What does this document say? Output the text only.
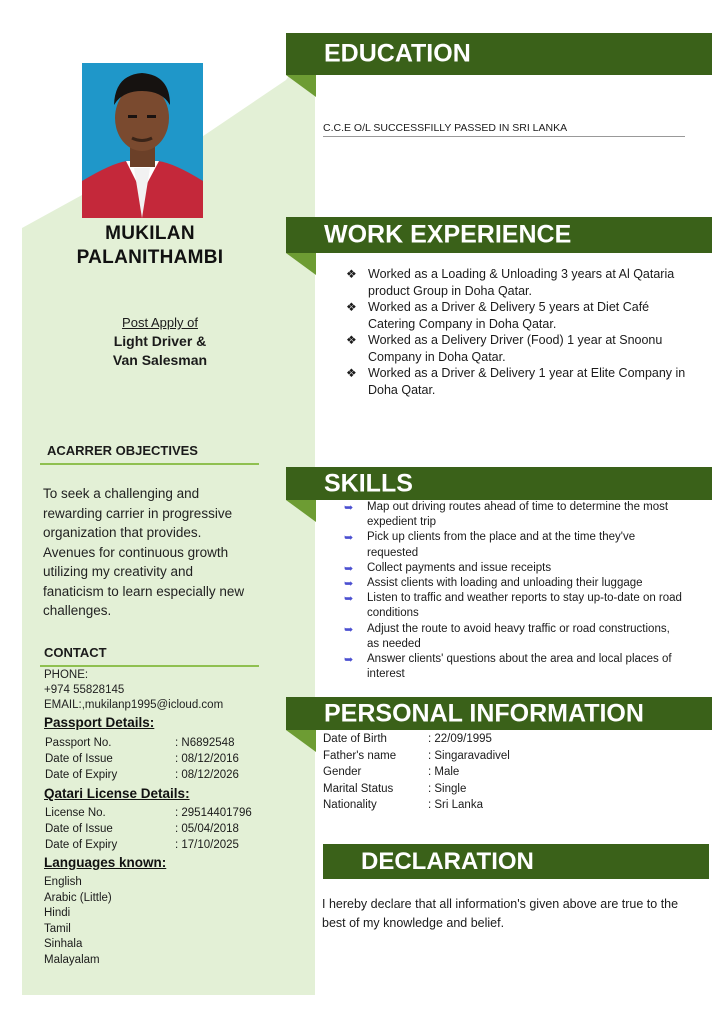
MUKILAN
PALANITHAMBI
Post Apply of
Light Driver &
Van Salesman
ACARRER OBJECTIVES
To seek a challenging and rewarding carrier in progressive organization that provides. Avenues for continuous growth utilizing my creativity and fanaticism to learn especially new challenges.
CONTACT
PHONE:
+974 55828145
EMAIL:,mukilanp1995@icloud.com
Passport Details:
Passport No.	: N6892548
Date of Issue	: 08/12/2016
Date of Expiry	: 08/12/2026
Qatari License Details:
License No.	: 29514401796
Date of Issue	: 05/04/2018
Date of Expiry	: 17/10/2025
Languages known:
English
Arabic (Little)
Hindi
Tamil
Sinhala
Malayalam
EDUCATION
C.C.E O/L SUCCESSFILLY PASSED IN SRI LANKA
WORK EXPERIENCE
❖ Worked as a Loading & Unloading 3 years at Al Qataria product Group in Doha Qatar.
❖ Worked as a Driver & Delivery 5 years at Diet Café Catering Company in Doha Qatar.
❖ Worked as a Delivery Driver (Food) 1 year at Snoonu Company in Doha Qatar.
❖ Worked as a Driver & Delivery 1 year at Elite Company in Doha Qatar.
SKILLS
➥ Map out driving routes ahead of time to determine the most expedient trip
➥ Pick up clients from the place and at the time they've requested
➥ Collect payments and issue receipts
➥ Assist clients with loading and unloading their luggage
➥ Listen to traffic and weather reports to stay up-to-date on road conditions
➥ Adjust the route to avoid heavy traffic or road constructions, as needed
➥ Answer clients' questions about the area and local places of interest
PERSONAL INFORMATION
Date of Birth	: 22/09/1995
Father's name	: Singaravadivel
Gender	: Male
Marital Status	: Single
Nationality	: Sri Lanka
DECLARATION
I hereby declare that all information's given above are true to the best of my knowledge and belief.
